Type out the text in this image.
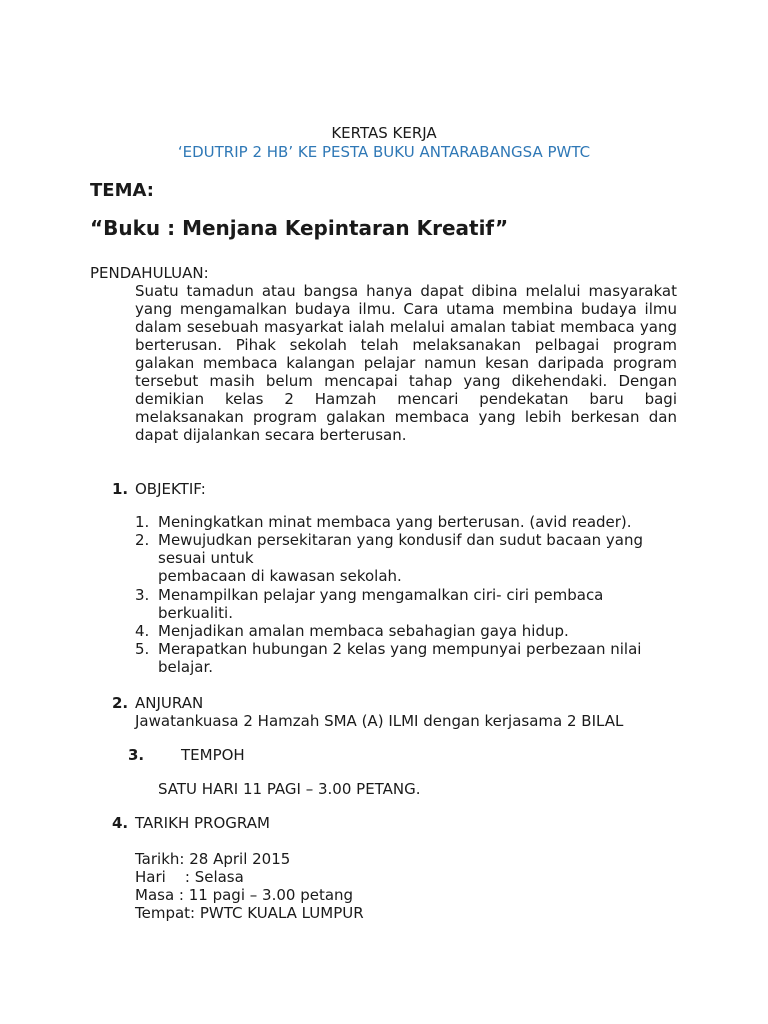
KERTAS KERJA
‘EDUTRIP 2 HB’ KE PESTA BUKU ANTARABANGSA PWTC
TEMA:
“Buku : Menjana Kepintaran Kreatif”
PENDAHULUAN:
Suatu tamadun atau bangsa hanya dapat dibina melalui masyarakat
yang mengamalkan budaya ilmu. Cara utama membina budaya ilmu
dalam sesebuah masyarkat ialah melalui amalan tabiat membaca yang
berterusan. Pihak sekolah telah melaksanakan pelbagai program
galakan membaca kalangan pelajar namun kesan daripada program
tersebut masih belum mencapai tahap yang dikehendaki. Dengan
demikian kelas 2 Hamzah mencari pendekatan baru bagi
melaksanakan program galakan membaca yang lebih berkesan dan
dapat dijalankan secara berterusan.
1. OBJEKTIF:
1. Meningkatkan minat membaca yang berterusan. (avid reader).
2. Mewujudkan persekitaran yang kondusif dan sudut bacaan yang
sesuai untuk
pembacaan di kawasan sekolah.
3. Menampilkan pelajar yang mengamalkan ciri- ciri pembaca
berkualiti.
4. Menjadikan amalan membaca sebahagian gaya hidup.
5. Merapatkan hubungan 2 kelas yang mempunyai perbezaan nilai
belajar.
2. ANJURAN
Jawatankuasa 2 Hamzah SMA (A) ILMI dengan kerjasama 2 BILAL
3. TEMPOH
SATU HARI 11 PAGI – 3.00 PETANG.
4. TARIKH PROGRAM
Tarikh: 28 April 2015
Hari    : Selasa
Masa : 11 pagi – 3.00 petang
Tempat: PWTC KUALA LUMPUR
